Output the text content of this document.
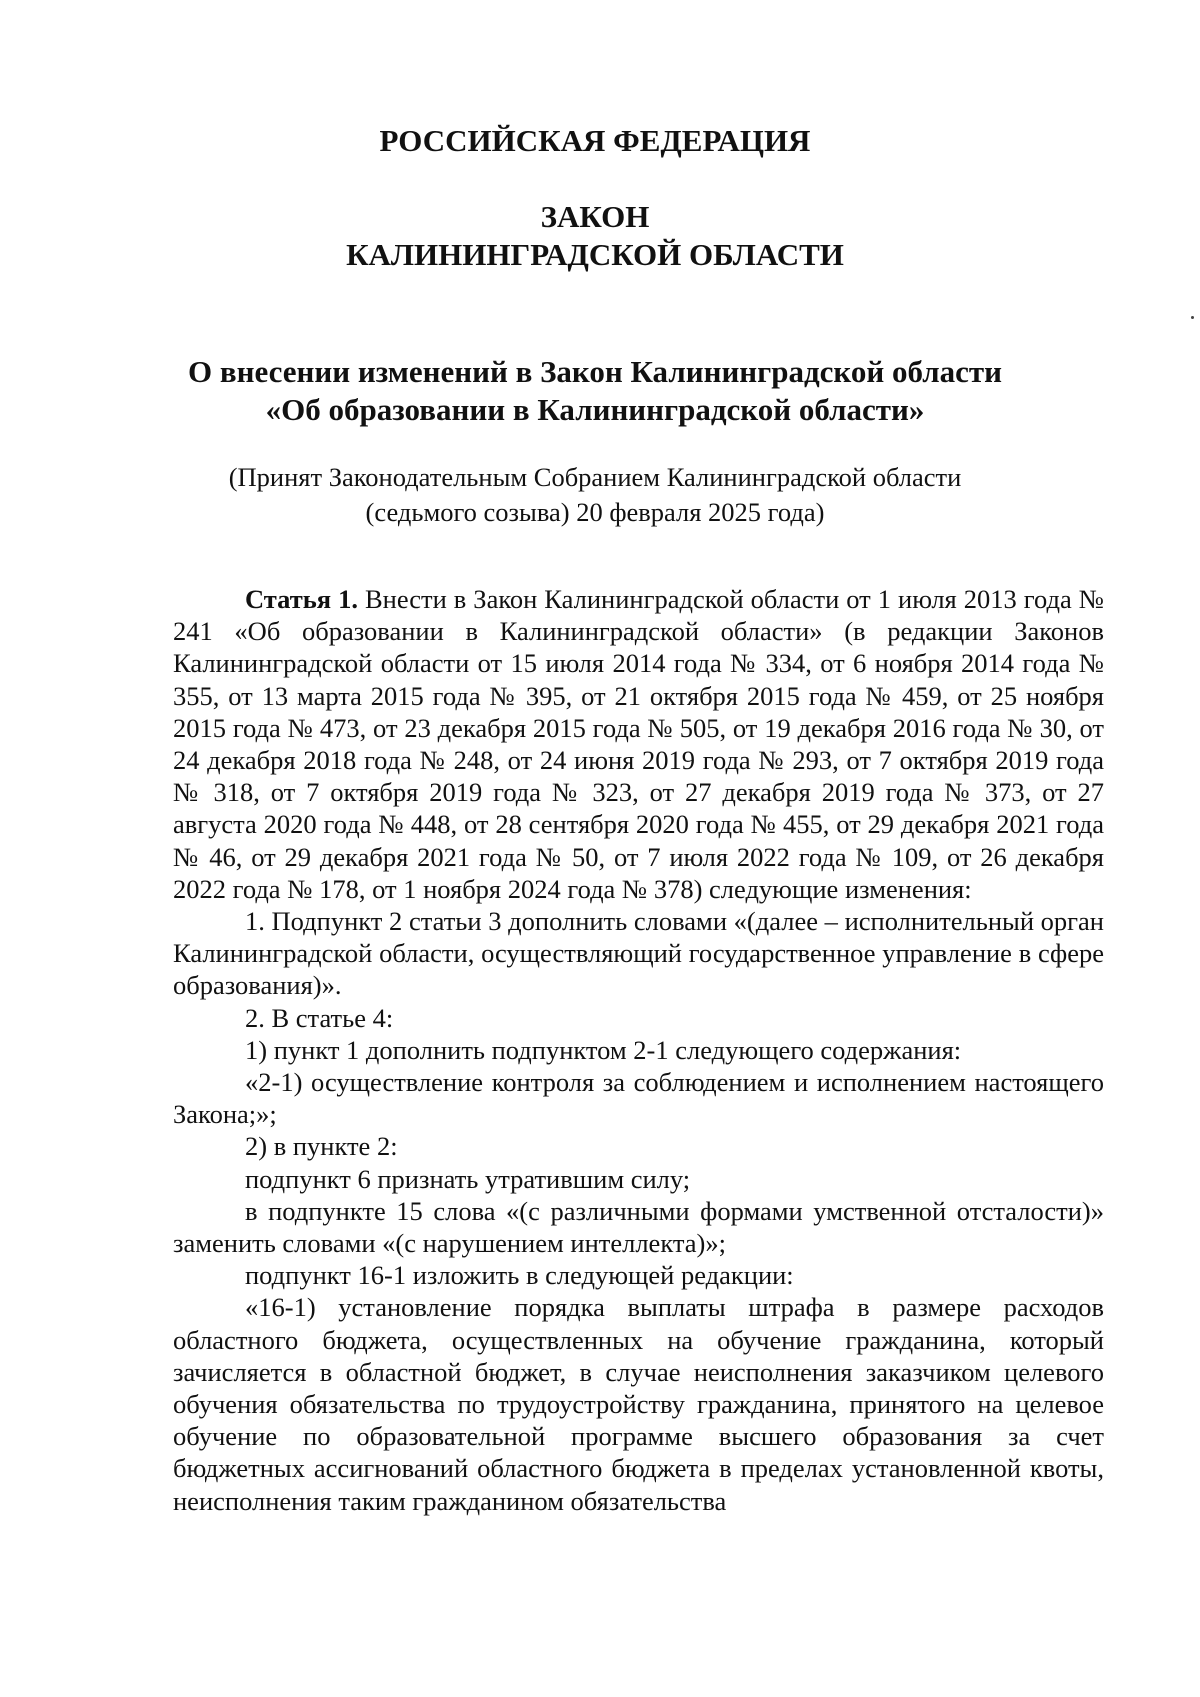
РОССИЙСКАЯ ФЕДЕРАЦИЯ
ЗАКОН
КАЛИНИНГРАДСКОЙ ОБЛАСТИ
О внесении изменений в Закон Калининградской области
«Об образовании в Калининградской области»
(Принят Законодательным Собранием Калининградской области
(седьмого созыва) 20 февраля 2025 года)

Статья 1. Внести в Закон Калининградской области от 1 июля 2013 года № 241 «Об образовании в Калининградской области» (в редакции Законов Калининградской области от 15 июля 2014 года № 334, от 6 ноября 2014 года № 355, от 13 марта 2015 года № 395, от 21 октября 2015 года № 459, от 25 ноября 2015 года № 473, от 23 декабря 2015 года № 505, от 19 декабря 2016 года № 30, от 24 декабря 2018 года № 248, от 24 июня 2019 года № 293, от 7 октября 2019 года № 318, от 7 октября 2019 года № 323, от 27 декабря 2019 года № 373, от 27 августа 2020 года № 448, от 28 сентября 2020 года № 455, от 29 декабря 2021 года № 46, от 29 декабря 2021 года № 50, от 7 июля 2022 года № 109, от 26 декабря 2022 года № 178, от 1 ноября 2024 года № 378) следующие изменения:

1. Подпункт 2 статьи 3 дополнить словами «(далее – исполнительный орган Калининградской области, осуществляющий государственное управление в сфере образования)».

2. В статье 4:

1) пункт 1 дополнить подпунктом 2-1 следующего содержания:

«2-1) осуществление контроля за соблюдением и исполнением настоящего Закона;»;

2) в пункте 2:

подпункт 6 признать утратившим силу;

в подпункте 15 слова «(с различными формами умственной отсталости)» заменить словами «(с нарушением интеллекта)»;

подпункт 16-1 изложить в следующей редакции:

«16-1) установление порядка выплаты штрафа в размере расходов областного бюджета, осуществленных на обучение гражданина, который зачисляется в областной бюджет, в случае неисполнения заказчиком целевого обучения обязательства по трудоустройству гражданина, принятого на целевое обучение по образовательной программе высшего образования за счет бюджетных ассигнований областного бюджета в пределах установленной квоты, неисполнения таким гражданином обязательства
